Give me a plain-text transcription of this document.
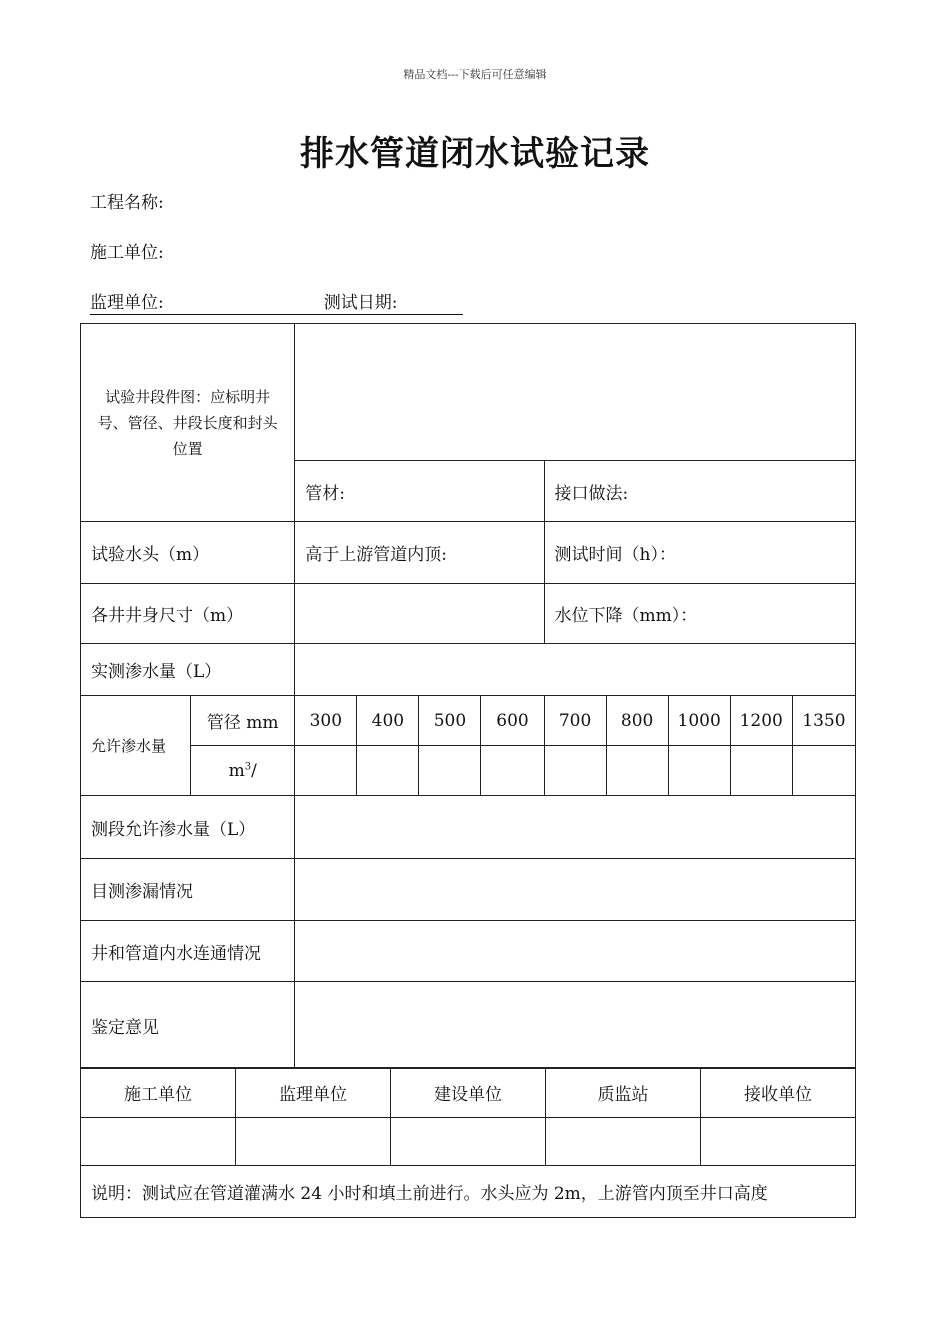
精品文档---下载后可任意编辑
排水管道闭水试验记录
工程名称:
施工单位:
监理单位:	测试日期:
试验井段件图：应标明井号、管径、井段长度和封头位置										
		管材:				接口做法:				
试验水头（m）		高于上游管道内顶:				测试时间（h）：				
各井井身尺寸（m）						水位下降（mm）：				
实测渗水量（L）										
允许渗水量	管径 mm	300	400	500	600	700	800	1000	1200	1350
	$m^3/$									
测段允许渗水量（L）										
目测渗漏情况										
井和管道内水连通情况										
鉴定意见										
施工单位	监理单位	建设单位	质监站	接收单位

说明：测试应在管道灌满水 24 小时和填土前进行。水头应为 2m，上游管内顶至井口高度				
